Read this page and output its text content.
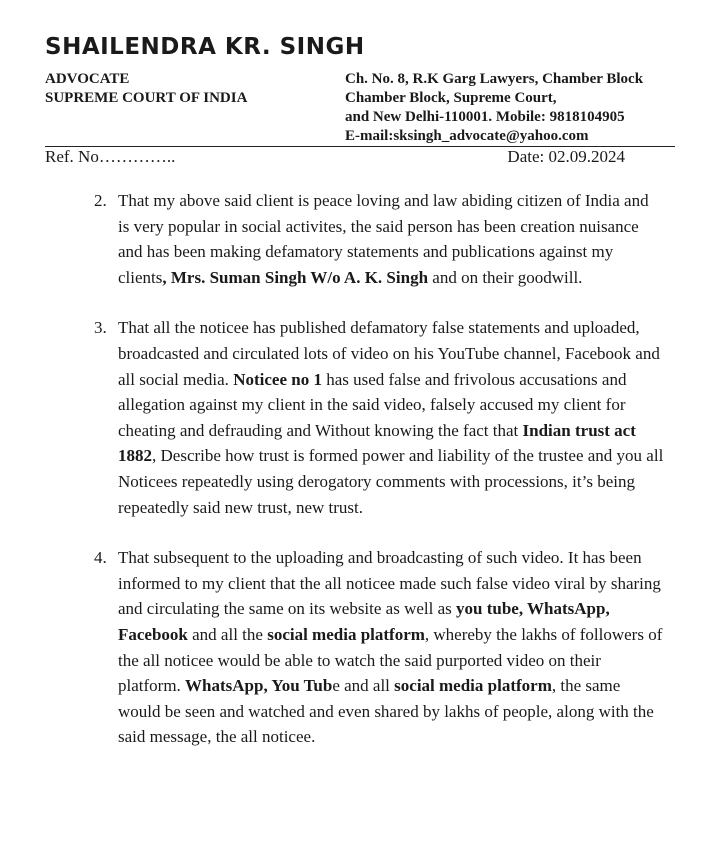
SHAILENDRA KR. SINGH
ADVOCATE
SUPREME COURT OF INDIA
Ch. No. 8, R.K Garg Lawyers, Chamber Block
Chamber Block, Supreme Court,
and New Delhi-110001. Mobile: 9818104905
E-mail:sksingh_advocate@yahoo.com
Ref. No…………..	Date: 02.09.2024
2. That my above said client is peace loving and law abiding citizen of India and is very popular in social activites, the said person has been creation nuisance and has been making defamatory statements and publications against my clients, Mrs. Suman Singh W/o A. K. Singh and on their goodwill.
3. That all the noticee has published defamatory false statements and uploaded, broadcasted and circulated lots of video on his YouTube channel, Facebook and all social media. Noticee no 1 has used false and frivolous accusations and allegation against my client in the said video, falsely accused my client for cheating and defrauding and Without knowing the fact that Indian trust act 1882, Describe how trust is formed power and liability of the trustee and you all Noticees repeatedly using derogatory comments with processions, it’s being repeatedly said new trust, new trust.
4. That subsequent to the uploading and broadcasting of such video. It has been informed to my client that the all noticee made such false video viral by sharing and circulating the same on its website as well as you tube, WhatsApp, Facebook and all the social media platform, whereby the lakhs of followers of the all noticee would be able to watch the said purported video on their platform. WhatsApp, You Tube and all social media platform, the same would be seen and watched and even shared by lakhs of people, along with the said message, the all noticee.
